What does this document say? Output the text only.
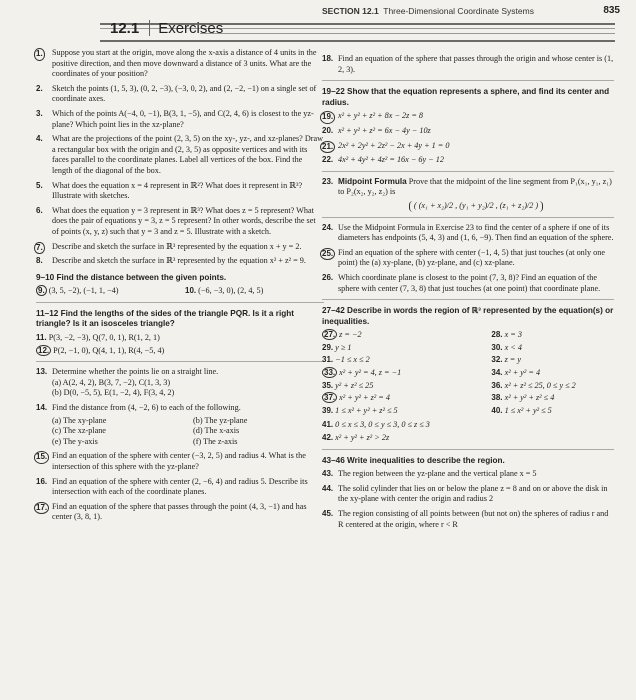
SECTION 12.1 Three-Dimensional Coordinate Systems	835
12.1 Exercises
1. Suppose you start at the origin, move along the x-axis a distance of 4 units in the positive direction, and then move downward a distance of 3 units. What are the coordinates of your position?
2. Sketch the points (1, 5, 3), (0, 2, −3), (−3, 0, 2), and (2, −2, −1) on a single set of coordinate axes.
3. Which of the points A(−4, 0, −1), B(3, 1, −5), and C(2, 4, 6) is closest to the yz-plane? Which point lies in the xz-plane?
4. What are the projections of the point (2, 3, 5) on the xy-, yz-, and xz-planes? Draw a rectangular box with the origin and (2, 3, 5) as opposite vertices and with its faces parallel to the coordinate planes. Label all vertices of the box. Find the length of the diagonal of the box.
5. What does the equation x = 4 represent in ℝ²? What does it represent in ℝ³? Illustrate with sketches.
6. What does the equation y = 3 represent in ℝ³? What does z = 5 represent? What does the pair of equations y = 3, z = 5 represent? In other words, describe the set of points (x, y, z) such that y = 3 and z = 5. Illustrate with a sketch.
7. Describe and sketch the surface in ℝ³ represented by the equation x + y = 2.
8. Describe and sketch the surface in ℝ³ represented by the equation x² + z² = 9.
9–10 Find the distance between the given points.
9. (3, 5, −2), (−1, 1, −4)	10. (−6, −3, 0), (2, 4, 5)
11–12 Find the lengths of the sides of the triangle PQR. Is it a right triangle? Is it an isosceles triangle?
11. P(3, −2, −3), Q(7, 0, 1), R(1, 2, 1)
12. P(2, −1, 0), Q(4, 1, 1), R(4, −5, 4)
13. Determine whether the points lie on a straight line.
(a) A(2, 4, 2), B(3, 7, −2), C(1, 3, 3)
(b) D(0, −5, 5), E(1, −2, 4), F(3, 4, 2)
14. Find the distance from (4, −2, 6) to each of the following.
(a) The xy-plane	(b) The yz-plane
(c) The xz-plane	(d) The x-axis
(e) The y-axis	(f) The z-axis
15. Find an equation of the sphere with center (−3, 2, 5) and radius 4. What is the intersection of this sphere with the yz-plane?
16. Find an equation of the sphere with center (2, −6, 4) and radius 5. Describe its intersection with each of the coordinate planes.
17. Find an equation of the sphere that passes through the point (4, 3, −1) and has center (3, 8, 1).
18. Find an equation of the sphere that passes through the origin and whose center is (1, 2, 3).
19–22 Show that the equation represents a sphere, and find its center and radius.
19. x² + y² + z² + 8x − 2z = 8
20. x² + y² + z² = 6x − 4y − 10z
21. 2x² + 2y² + 2z² − 2x + 4y + 1 = 0
22. 4x² + 4y² + 4z² = 16x − 6y − 12
23. Midpoint Formula Prove that the midpoint of the line segment from P₁(x₁, y₁, z₁) to P₂(x₂, y₂, z₂) is
( (x₁ + x₂)/2 , (y₁ + y₂)/2 , (z₁ + z₂)/2 )
24. Use the Midpoint Formula in Exercise 23 to find the center of a sphere if one of its diameters has endpoints (5, 4, 3) and (1, 6, −9). Then find an equation of the sphere.
25. Find an equation of the sphere with center (−1, 4, 5) that just touches (at only one point) the (a) xy-plane, (b) yz-plane, and (c) xz-plane.
26. Which coordinate plane is closest to the point (7, 3, 8)? Find an equation of the sphere with center (7, 3, 8) that just touches (at one point) that coordinate plane.
27–42 Describe in words the region of ℝ³ represented by the equation(s) or inequalities.
27. z = −2	28. x = 3
29. y ≥ 1	30. x < 4
31. −1 ≤ x ≤ 2	32. z = y
33. x² + y² = 4, z = −1	34. x² + y² = 4
35. y² + z² ≤ 25	36. x² + z² ≤ 25, 0 ≤ y ≤ 2
37. x² + y² + z² = 4	38. x² + y² + z² ≤ 4
39. 1 ≤ x² + y² + z² ≤ 5	40. 1 ≤ x² + y² ≤ 5
41. 0 ≤ x ≤ 3, 0 ≤ y ≤ 3, 0 ≤ z ≤ 3
42. x² + y² + z² > 2z
43–46 Write inequalities to describe the region.
43. The region between the yz-plane and the vertical plane x = 5
44. The solid cylinder that lies on or below the plane z = 8 and on or above the disk in the xy-plane with center the origin and radius 2
45. The region consisting of all points between (but not on) the spheres of radius r and R centered at the origin, where r < R
